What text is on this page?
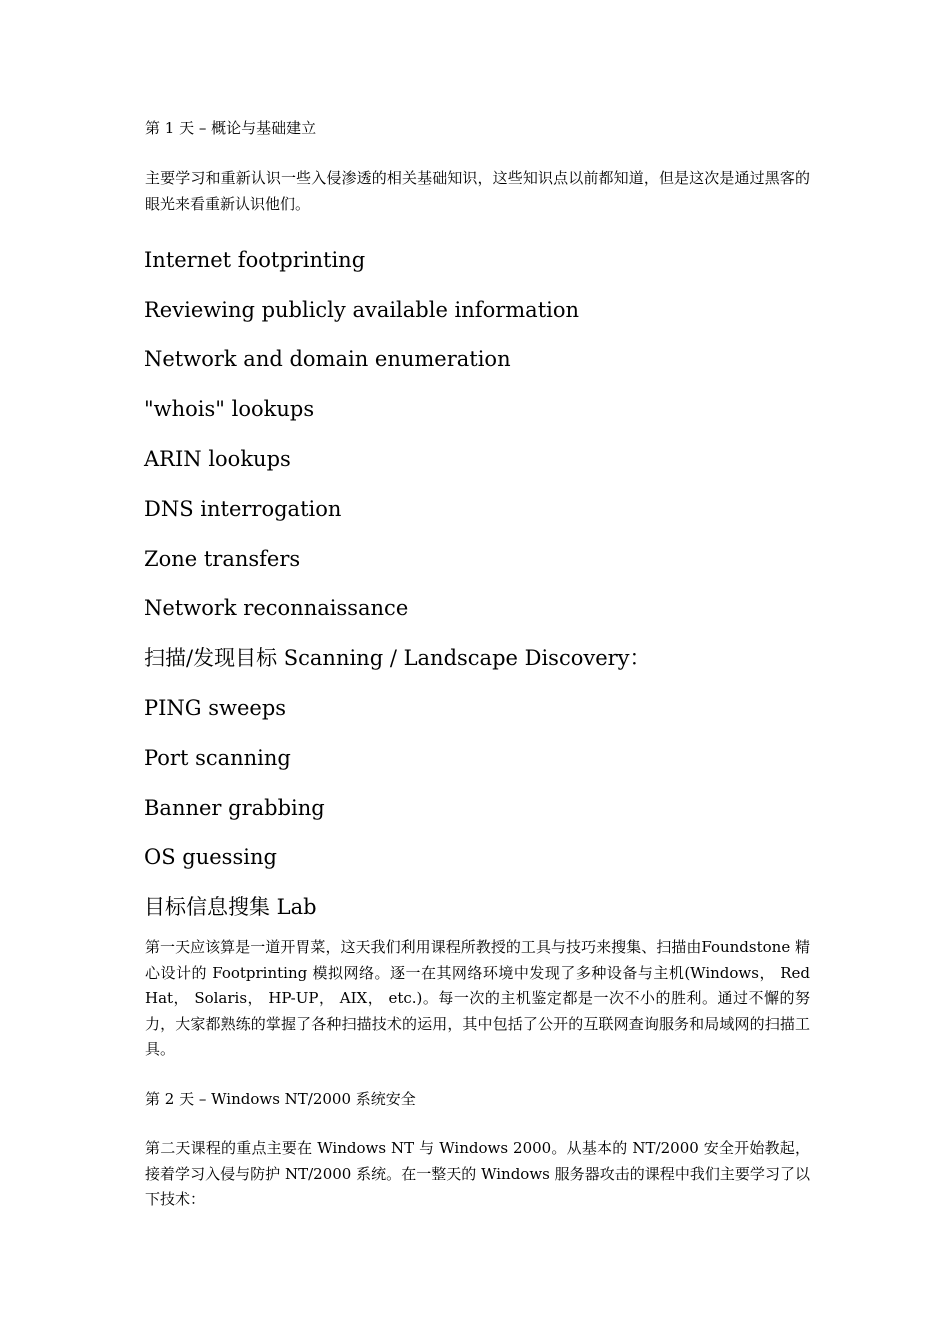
第 1 天 – 概论与基础建立
主要学习和重新认识一些入侵渗透的相关基础知识，这些知识点以前都知道，但是这次是通过黑客的眼光来看重新认识他们。
Internet footprinting
Reviewing publicly available information
Network and domain enumeration
"whois" lookups
ARIN lookups
DNS interrogation
Zone transfers
Network reconnaissance
扫描/发现目标 Scanning / Landscape Discovery：
PING sweeps
Port scanning
Banner grabbing
OS guessing
目标信息搜集 Lab
第一天应该算是一道开胃菜，这天我们利用课程所教授的工具与技巧来搜集、扫描由Foundstone 精心设计的 Footprinting 模拟网络。逐一在其网络环境中发现了多种设备与主机(Windows， Red Hat， Solaris， HP-UP， AIX， etc.)。每一次的主机鉴定都是一次不小的胜利。通过不懈的努力，大家都熟练的掌握了各种扫描技术的运用，其中包括了公开的互联网查询服务和局域网的扫描工具。
第 2 天 – Windows NT/2000 系统安全
第二天课程的重点主要在 Windows NT 与 Windows 2000。从基本的 NT/2000 安全开始教起，接着学习入侵与防护 NT/2000 系统。在一整天的 Windows 服务器攻击的课程中我们主要学习了以下技术：
